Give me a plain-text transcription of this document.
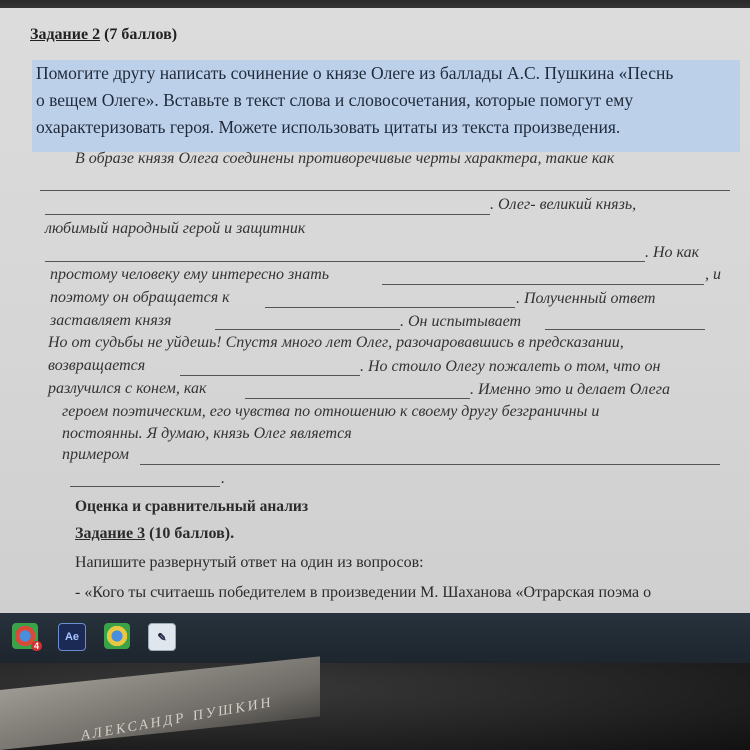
Задание 2 (7 баллов)
Помогите другу написать сочинение о князе Олеге из баллады А.С. Пушкина «Песнь
о вещем Олеге». Вставьте в текст слова и словосочетания, которые помогут ему
охарактеризовать героя. Можете использовать цитаты из текста произведения.
В образе князя Олега соединены противоречивые черты характера, такие как
. Олег- великий князь,
любимый народный герой и защитник
. Но как
простому человеку ему интересно знать	, и
поэтому он обращается к	. Полученный ответ
заставляет князя	. Он испытывает
Но от судьбы не уйдешь! Спустя много лет Олег, разочаровавшись в предсказании,
возвращается	. Но стоило Олегу пожалеть о том, что он
разлучился с конем, как	. Именно это и делает Олега
героем поэтическим, его чувства по отношению к своему другу безграничны и
постоянны. Я думаю, князь Олег является
примером
.
Оценка и сравнительный анализ
Задание 3 (10 баллов).
Напишите развернутый ответ на один из вопросов:
- «Кого ты считаешь победителем в произведении М. Шаханова «Отрарская поэма о
4
Ae	✎
АЛЕКСАНДР ПУШКИН
